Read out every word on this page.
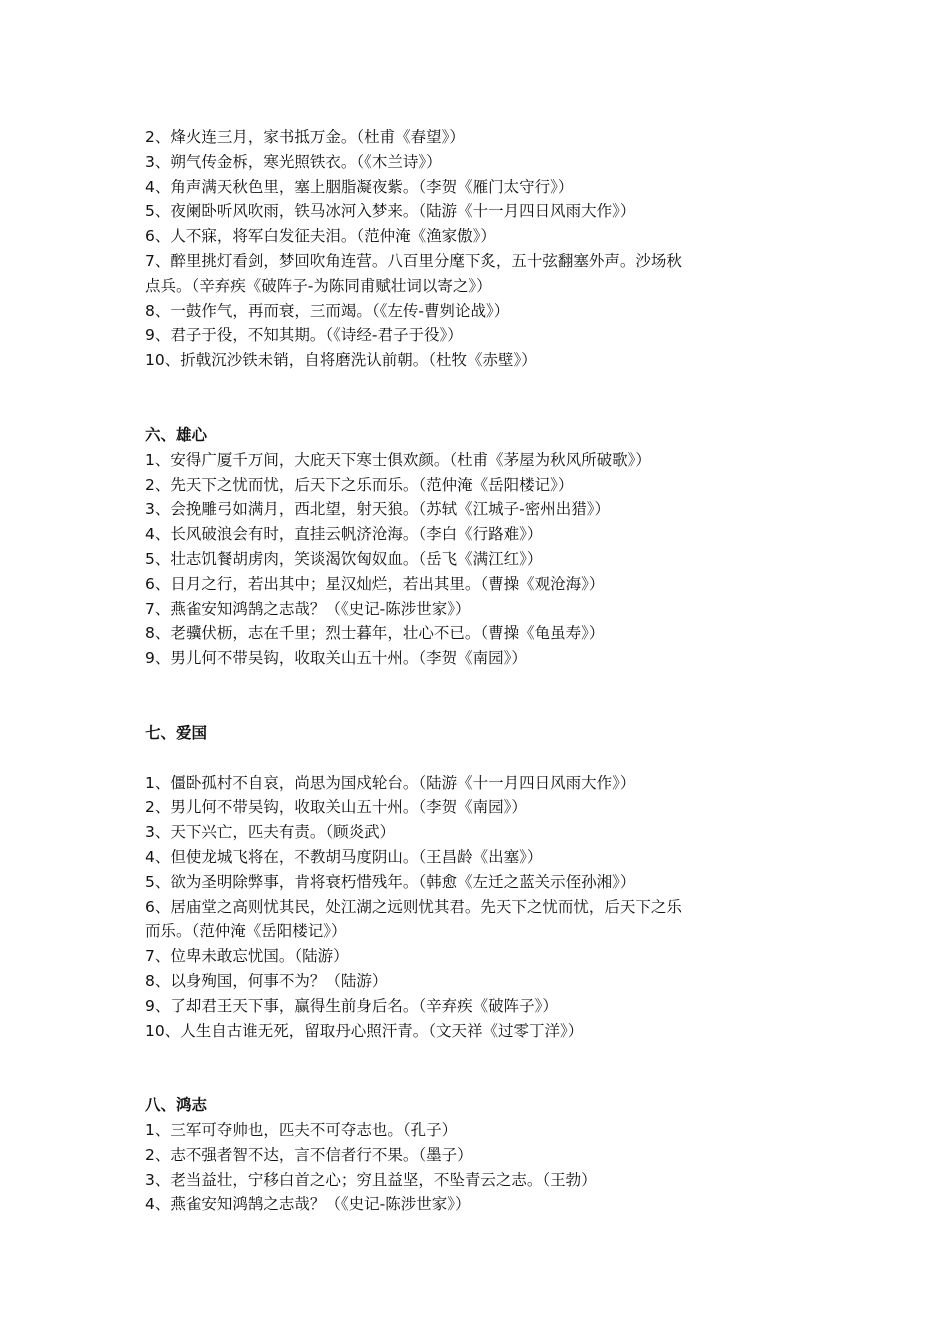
2、烽火连三月，家书抵万金。（杜甫《春望》）
3、朔气传金柝，寒光照铁衣。（《木兰诗》）
4、角声满天秋色里，塞上胭脂凝夜紫。（李贺《雁门太守行》）
5、夜阑卧听风吹雨，铁马冰河入梦来。（陆游《十一月四日风雨大作》）
6、人不寐，将军白发征夫泪。（范仲淹《渔家傲》）
7、醉里挑灯看剑，梦回吹角连营。八百里分麾下炙，五十弦翻塞外声。沙场秋
点兵。（辛弃疾《破阵子-为陈同甫赋壮词以寄之》）
8、一鼓作气，再而衰，三而竭。（《左传-曹刿论战》）
9、君子于役，不知其期。（《诗经-君子于役》）
10、折戟沉沙铁未销，自将磨洗认前朝。（杜牧《赤壁》）
六、雄心
1、安得广厦千万间，大庇天下寒士俱欢颜。（杜甫《茅屋为秋风所破歌》）
2、先天下之忧而忧，后天下之乐而乐。（范仲淹《岳阳楼记》）
3、会挽雕弓如满月，西北望，射天狼。（苏轼《江城子-密州出猎》）
4、长风破浪会有时，直挂云帆济沧海。（李白《行路难》）
5、壮志饥餐胡虏肉，笑谈渴饮匈奴血。（岳飞《满江红》）
6、日月之行，若出其中；星汉灿烂，若出其里。（曹操《观沧海》）
7、燕雀安知鸿鹄之志哉？（《史记-陈涉世家》）
8、老骥伏枥，志在千里；烈士暮年，壮心不已。（曹操《龟虽寿》）
9、男儿何不带吴钩，收取关山五十州。（李贺《南园》）
七、爱国
1、僵卧孤村不自哀，尚思为国戍轮台。（陆游《十一月四日风雨大作》）
2、男儿何不带吴钩，收取关山五十州。（李贺《南园》）
3、天下兴亡，匹夫有责。（顾炎武）
4、但使龙城飞将在，不教胡马度阴山。（王昌龄《出塞》）
5、欲为圣明除弊事，肯将衰朽惜残年。（韩愈《左迁之蓝关示侄孙湘》）
6、居庙堂之高则忧其民，处江湖之远则忧其君。先天下之忧而忧，后天下之乐
而乐。（范仲淹《岳阳楼记》）
7、位卑未敢忘忧国。（陆游）
8、以身殉国，何事不为？（陆游）
9、了却君王天下事，赢得生前身后名。（辛弃疾《破阵子》）
10、人生自古谁无死，留取丹心照汗青。（文天祥《过零丁洋》）
八、鸿志
1、三军可夺帅也，匹夫不可夺志也。（孔子）
2、志不强者智不达，言不信者行不果。（墨子）
3、老当益壮，宁移白首之心；穷且益坚，不坠青云之志。（王勃）
4、燕雀安知鸿鹄之志哉？（《史记-陈涉世家》）
